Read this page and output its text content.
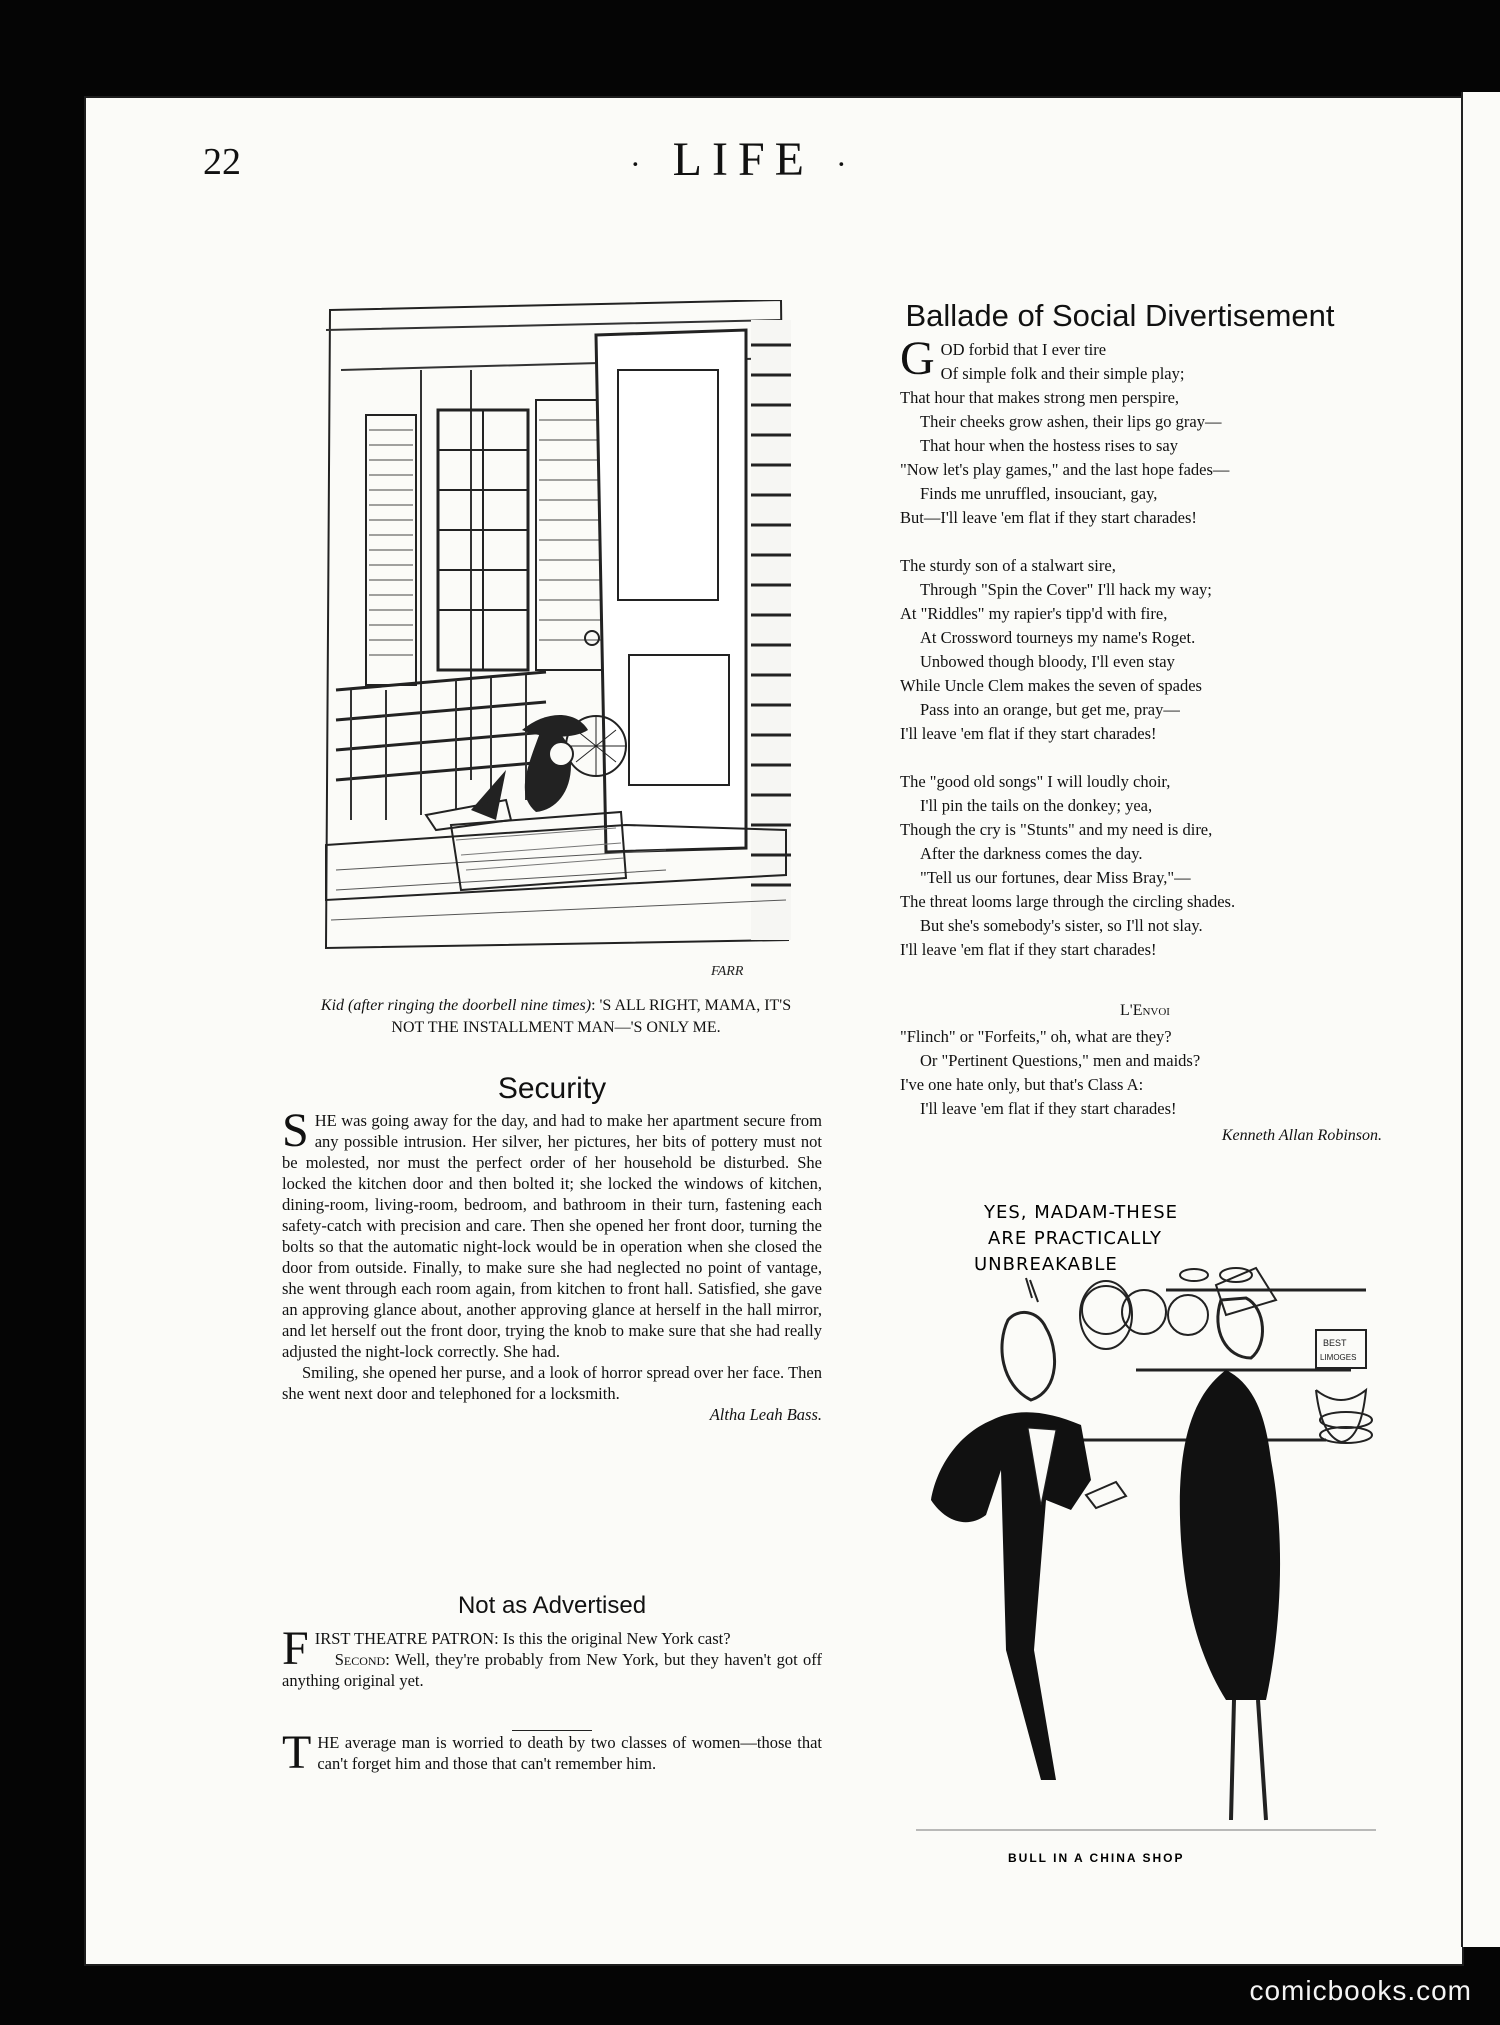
22	· LIFE ·
FARR
Kid (after ringing the doorbell nine times): 'S ALL RIGHT, MAMA, IT'S NOT THE INSTALLMENT MAN—'S ONLY ME.
Security
SHE was going away for the day, and had to make her apartment secure from any possible intrusion. Her silver, her pictures, her bits of pottery must not be molested, nor must the perfect order of her household be disturbed. She locked the kitchen door and then bolted it; she locked the windows of kitchen, dining-room, living-room, bedroom, and bathroom in their turn, fastening each safety-catch with precision and care. Then she opened her front door, turning the bolts so that the automatic night-lock would be in operation when she closed the door from outside. Finally, to make sure she had neglected no point of vantage, she went through each room again, from kitchen to front hall. Satisfied, she gave an approving glance about, another approving glance at herself in the hall mirror, and let herself out the front door, trying the knob to make sure that she had really adjusted the night-lock correctly. She had.
Smiling, she opened her purse, and a look of horror spread over her face. Then she went next door and telephoned for a locksmith.
Altha Leah Bass.
Not as Advertised
FIRST THEATRE PATRON: Is this the original New York cast?
Second: Well, they're probably from New York, but they haven't got off anything original yet.
THE average man is worried to death by two classes of women—those that can't forget him and those that can't remember him.
Ballade of Social Divertisement
GOD forbid that I ever tire
Of simple folk and their simple play;
That hour that makes strong men perspire,
Their cheeks grow ashen, their lips go gray—
That hour when the hostess rises to say
"Now let's play games," and the last hope fades—
Finds me unruffled, insouciant, gay,
But—I'll leave 'em flat if they start charades!
The sturdy son of a stalwart sire,
Through "Spin the Cover" I'll hack my way;
At "Riddles" my rapier's tipp'd with fire,
At Crossword tourneys my name's Roget.
Unbowed though bloody, I'll even stay
While Uncle Clem makes the seven of spades
Pass into an orange, but get me, pray—
I'll leave 'em flat if they start charades!
The "good old songs" I will loudly choir,
I'll pin the tails on the donkey; yea,
Though the cry is "Stunts" and my need is dire,
After the darkness comes the day.
"Tell us our fortunes, dear Miss Bray,"—
The threat looms large through the circling shades.
But she's somebody's sister, so I'll not slay.
I'll leave 'em flat if they start charades!
L'Envoi
"Flinch" or "Forfeits," oh, what are they?
Or "Pertinent Questions," men and maids?
I've one hate only, but that's Class A:
I'll leave 'em flat if they start charades!
Kenneth Allan Robinson.
YES, MADAM-THESE
ARE PRACTICALLY
UNBREAKABLE
BEST
LIMOGES
BULL IN A CHINA SHOP
comicbooks.com
